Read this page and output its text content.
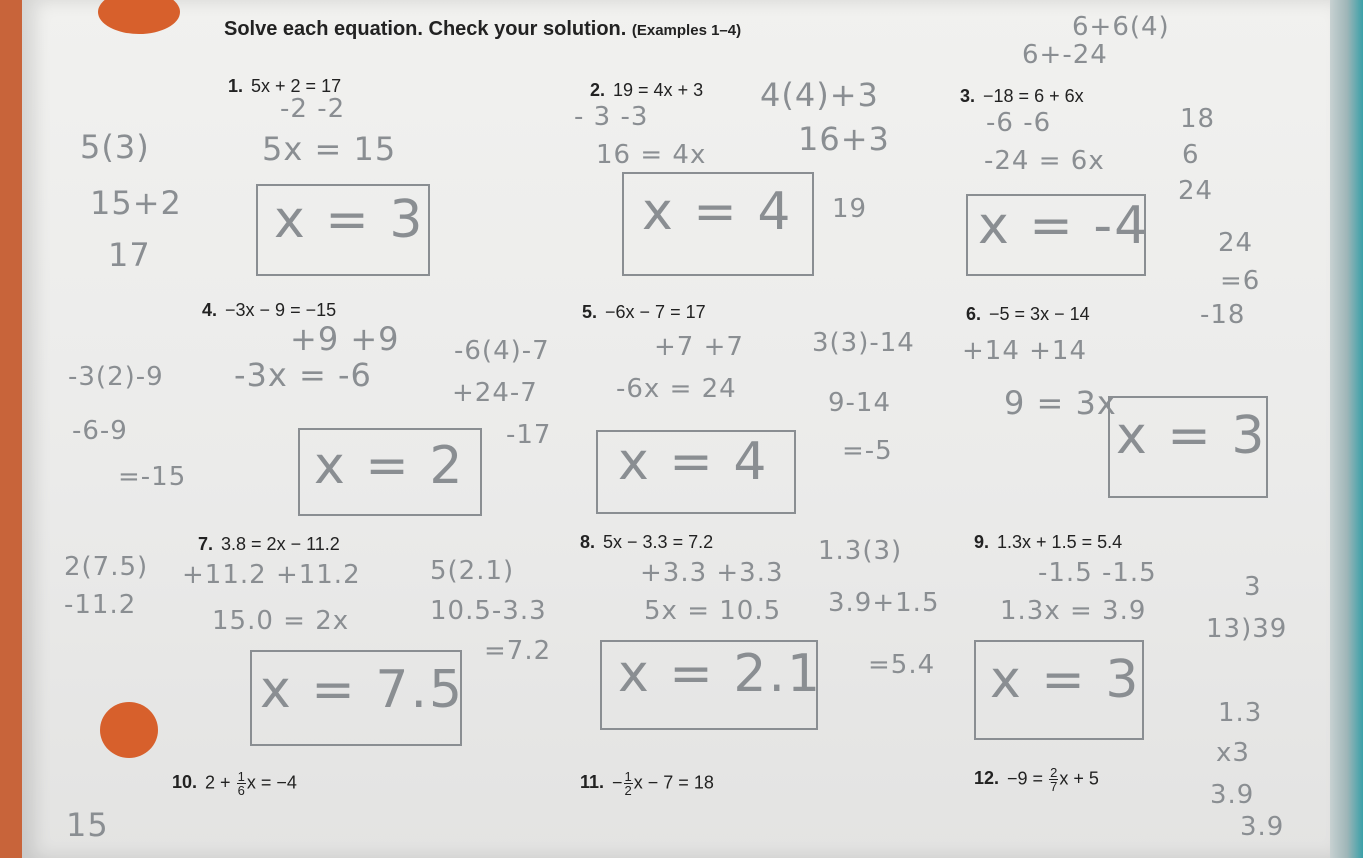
Solve each equation. Check your solution. (Examples 1–4)
1. 5x + 2 = 17	2. 19 = 4x + 3	3. −18 = 6 + 6x
4. −3x − 9 = −15	5. −6x − 7 = 17	6. −5 = 3x − 14
7. 3.8 = 2x − 11.2	8. 5x − 3.3 = 7.2	9. 1.3x + 1.5 = 5.4
10. $2 + \frac{1}{6}$ x = −4	11. − $\frac{1}{2}$ x − 7 = 18	12. $-9 = \frac{2}{7}$ x + 5
6+6(4)
6+-24
-2 -2
5x = 15
x = 3
5(3)
15+2
17
- 3 -3
16 = 4x
x = 4
4(4)+3
16+3
19
-6 -6
-24 = 6x
x = -4
18
6
24
24
=6
-18
+9 +9
-3x = -6
x = 2
-3(2)-9
-6-9
=-15
-6(4)-7	+7 +7
+24-7	-6x = 24
-17 x = 4
3(3)-14 +14 +14
9-14	9 = 3x
=-5	x = 3
2(7.5)
-11.2
+11.2 +11.2
15.0 = 2x
x = 7.5
5(2.1)
10.5-3.3
=7.2
+3.3 +3.3
5x = 10.5
x = 2.1
1.3(3)
3.9+1.5
=5.4
-1.5 -1.5
1.3x = 3.9
x = 3
3
13)39
1.3
x3
3.9
3.9
15
